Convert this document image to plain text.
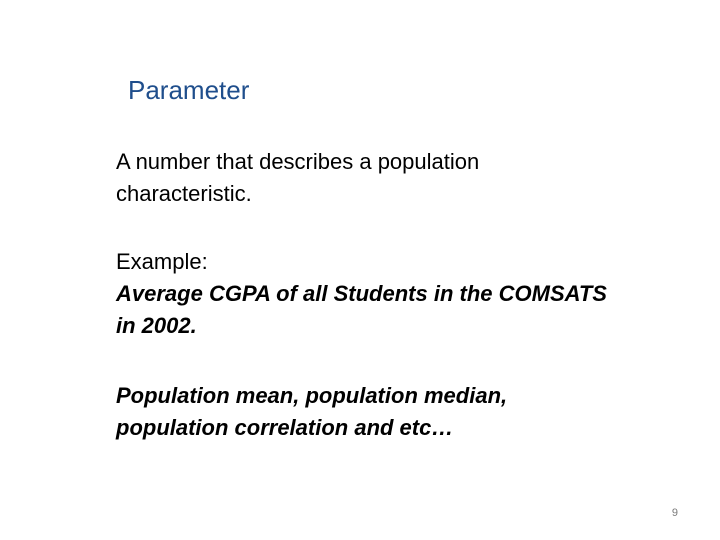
Parameter
A number that describes a population characteristic.
Example:
Average CGPA of all Students in the COMSATS in 2002.
Population mean, population median, population correlation and etc…
9
